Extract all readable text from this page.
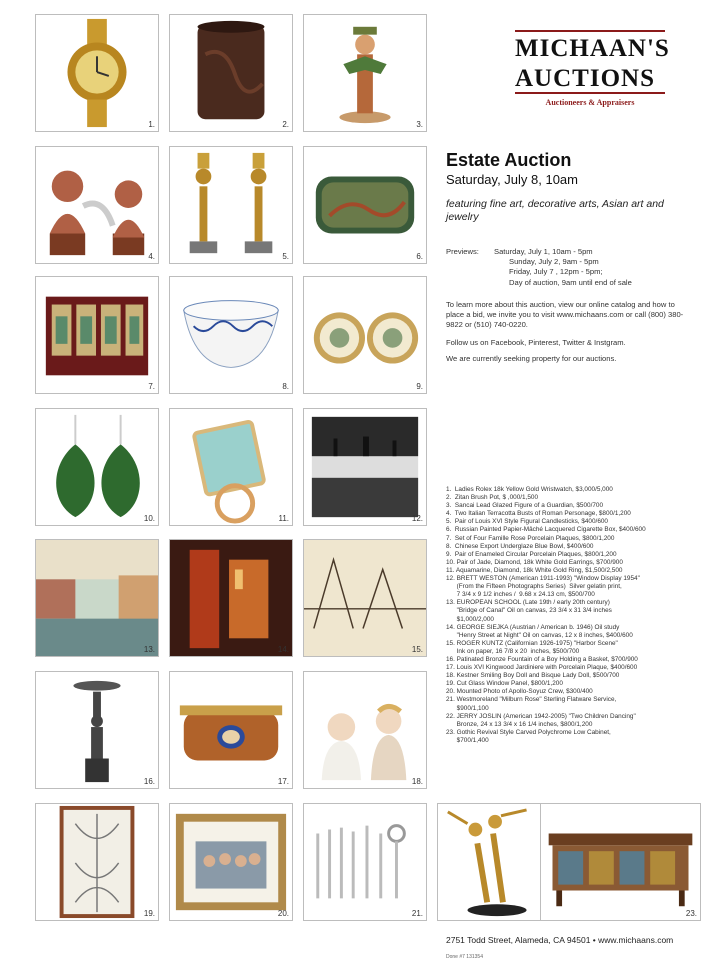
MICHAAN'S
AUCTIONS
Auctioneers & Appraisers
Estate Auction
Saturday, July 8, 10am
featuring fine art, decorative arts, Asian art and jewelry
Previews: Saturday, July 1, 10am - 5pm
Sunday, July 2, 9am - 5pm
Friday, July 7 , 12pm - 5pm;
Day of auction, 9am until end of sale
To learn more about this auction, view our online catalog and how to place a bid, we invite you to visit www.michaans.com or call (800) 380-9822 or (510) 740-0220.
Follow us on Facebook, Pinterest, Twitter & Instgram.
We are currently seeking property for our auctions.
1.  Ladies Rolex 18k Yellow Gold Wristwatch, $3,000/5,000
2.  Zitan Brush Pot, $ ,000/1,500
3.  Sancai Lead Glazed Figure of a Guardian, $500/700
4.  Two Italian Terracotta Busts of Roman Personage, $800/1,200
5.  Pair of Louis XVI Style Figural Candlesticks, $400/600
6.  Russian Painted Papier-Mâché Lacquered Cigarette Box, $400/600
7.  Set of Four Famille Rose Porcelain Plaques, $800/1,200
8.  Chinese Export Underglaze Blue Bowl, $400/600
9.  Pair of Enameled Circular Porcelain Plaques, $800/1,200
10. Pair of Jade, Diamond, 18k White Gold Earrings, $700/900
11. Aquamarine, Diamond, 18k White Gold Ring, $1,500/2,500
12. BRETT WESTON (American 1911-1993) "Window Display 1954"
(From the Fifteen Photographs Series)  Silver gelatin print,
7 3/4 x 9 1/2 inches /  9.68 x 24.13 cm, $500/700
13. EUROPEAN SCHOOL (Late 19th / early 20th century)
"Bridge of Canal" Oil on canvas, 23 3/4 x 31 3/4 inches
$1,000/2,000
14. GEORGE SIEJKA (Austrian / American b. 1946) Oil study
"Henry Street at Night" Oil on canvas, 12 x 8 inches, $400/600
15. ROGER KUNTZ (Californian 1926-1975) "Harbor Scene"
Ink on paper, 16 7/8 x 20  inches, $500/700
16. Patinated Bronze Fountain of a Boy Holding a Basket, $700/900
17. Louis XVI Kingwood Jardiniere with Porcelain Plaque, $400/600
18. Kestner Smiling Boy Doll and Bisque Lady Doll, $500/700
19. Cut Glass Window Panel, $800/1,200
20. Mounted Photo of Apollo-Soyuz Crew, $300/400
21. Westmoreland "Milburn Rose" Sterling Flatware Service,
$900/1,100
22. JERRY JOSLIN (American 1942-2005) "Two Children Dancing"
Bronze, 24 x 13 3/4 x 16 1/4 inches, $800/1,200
23. Gothic Revival Style Carved Polychrome Low Cabinet,
$700/1,400
2751 Todd Street, Alameda, CA 94501 • www.michaans.com
Done #7 131354
1.	2.	3.
4.	5.	6.
7.	8.	9.
10.	11.	12.
13.	14.	15.
16.	17.	18.
19.	20.	21.	23.
